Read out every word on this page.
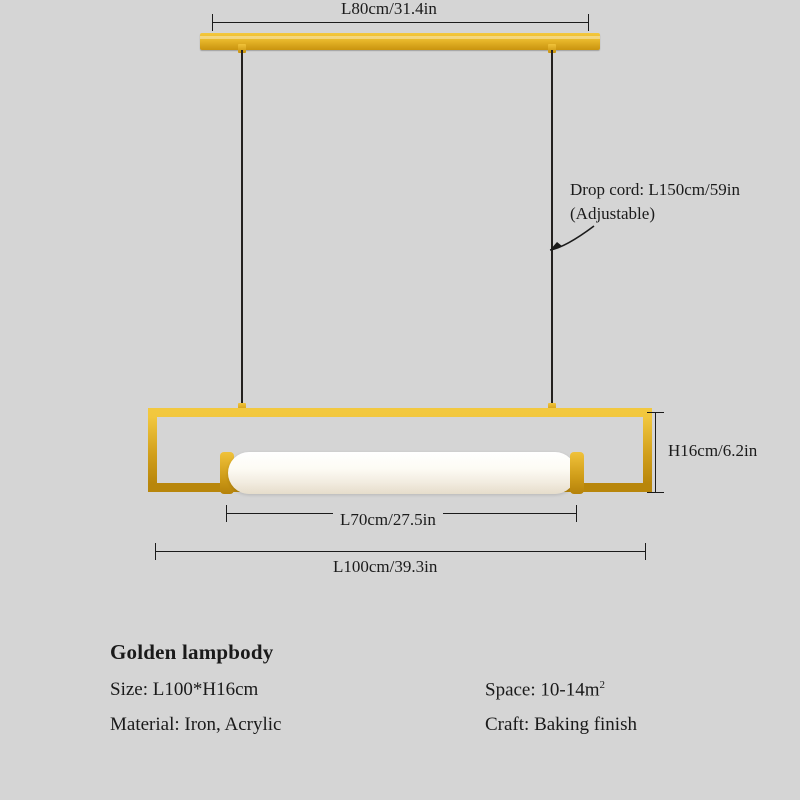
L80cm/31.4in
Drop cord: L150cm/59in
(Adjustable)
H16cm/6.2in
L70cm/27.5in
L100cm/39.3in
Golden lampbody
Size: L100*H16cm	Space: $10-14m^2$
Material: Iron, Acrylic	Craft: Baking finish
